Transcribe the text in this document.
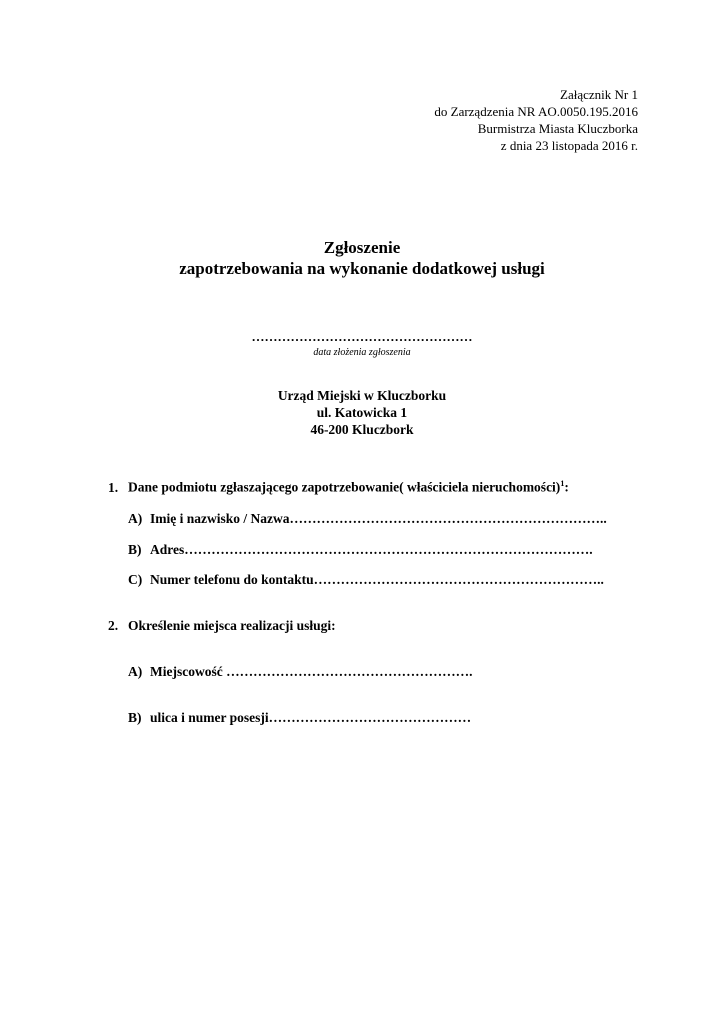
Załącznik Nr 1
do Zarządzenia NR AO.0050.195.2016
Burmistrza Miasta Kluczborka
z dnia 23 listopada 2016 r.
Zgłoszenie
zapotrzebowania na wykonanie dodatkowej usługi
……………………………………………
data złożenia zgłoszenia
Urząd Miejski w Kluczborku
ul. Katowicka 1
46-200 Kluczbork
1. Dane podmiotu zgłaszającego zapotrzebowanie( właściciela nieruchomości)$^1$:
A) Imię i nazwisko / Nazwa……………………………………………………………..
B) Adres……………………………………………………………………………….
C) Numer telefonu do kontaktu………………………………………………………..
2. Określenie miejsca realizacji usługi:
A) Miejscowość ……………………………………………….
B) ulica i numer posesji………………………………………
